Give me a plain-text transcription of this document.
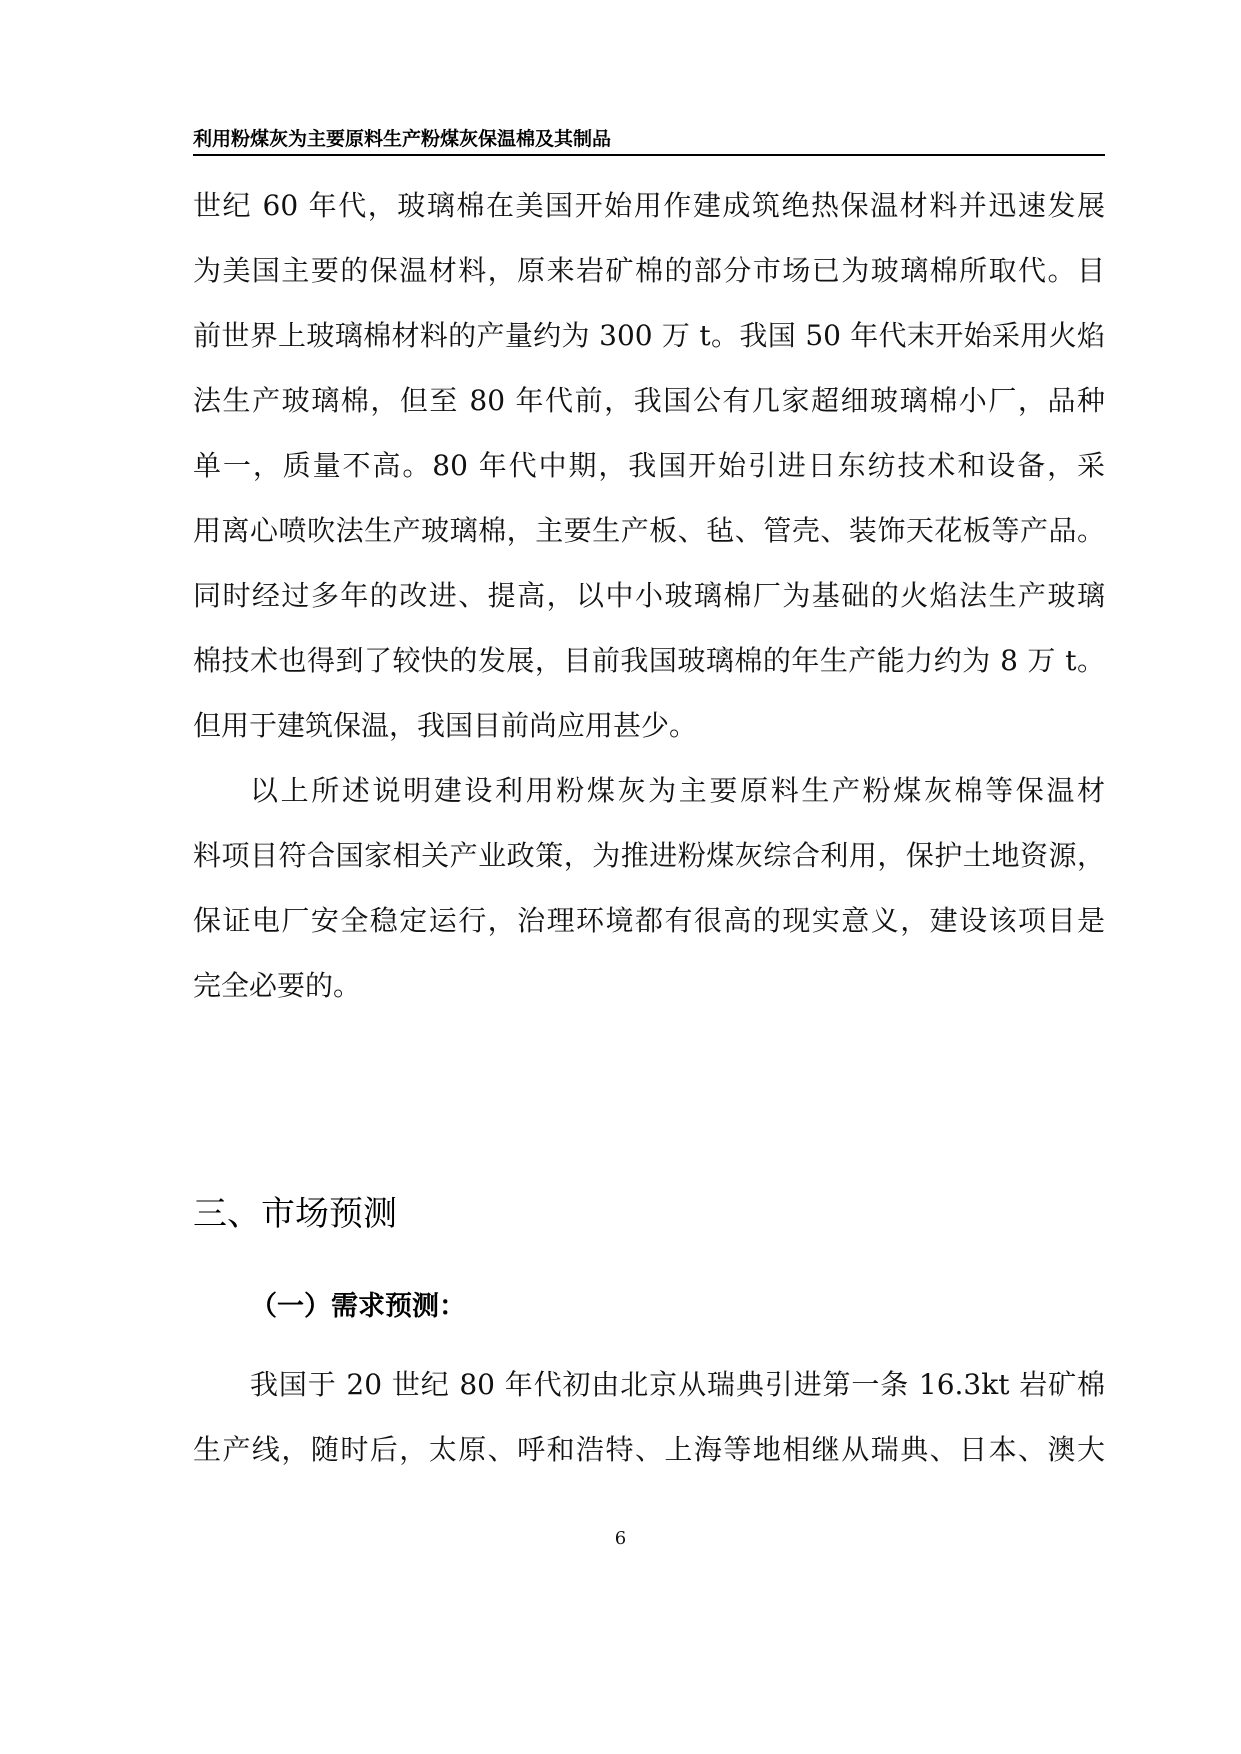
利用粉煤灰为主要原料生产粉煤灰保温棉及其制品
世纪 60 年代，玻璃棉在美国开始用作建成筑绝热保温材料并迅速发展
为美国主要的保温材料，原来岩矿棉的部分市场已为玻璃棉所取代。目
前世界上玻璃棉材料的产量约为 300 万 t。我国 50 年代末开始采用火焰
法生产玻璃棉，但至 80 年代前，我国公有几家超细玻璃棉小厂，品种
单一，质量不高。80 年代中期，我国开始引进日东纺技术和设备，采
用离心喷吹法生产玻璃棉，主要生产板、毡、管壳、装饰天花板等产品。
同时经过多年的改进、提高，以中小玻璃棉厂为基础的火焰法生产玻璃
棉技术也得到了较快的发展，目前我国玻璃棉的年生产能力约为 8 万 t。
但用于建筑保温，我国目前尚应用甚少。
以上所述说明建设利用粉煤灰为主要原料生产粉煤灰棉等保温材
料项目符合国家相关产业政策，为推进粉煤灰综合利用，保护土地资源，
保证电厂安全稳定运行，治理环境都有很高的现实意义，建设该项目是
完全必要的。
三、市场预测
（一）需求预测：
我国于 20 世纪 80 年代初由北京从瑞典引进第一条 16.3kt 岩矿棉
生产线，随时后，太原、呼和浩特、上海等地相继从瑞典、日本、澳大
6
